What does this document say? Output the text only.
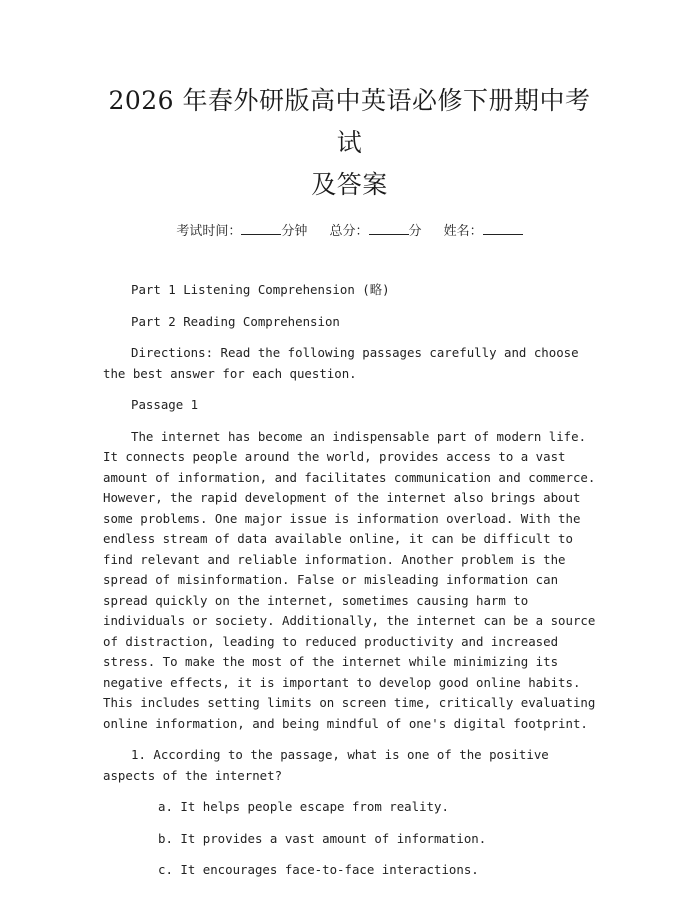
2026 年春外研版高中英语必修下册期中考试
及答案
考试时间：	分钟 总分：	分 姓名：

Part 1 Listening Comprehension (略)

Part 2 Reading Comprehension

Directions: Read the following passages carefully and choose the best answer for each question.

Passage 1

The internet has become an indispensable part of modern life. It connects people around the world, provides access to a vast amount of information, and facilitates communication and commerce. However, the rapid development of the internet also brings about some problems. One major issue is information overload. With the endless stream of data available online, it can be difficult to find relevant and reliable information. Another problem is the spread of misinformation. False or misleading information can spread quickly on the internet, sometimes causing harm to individuals or society. Additionally, the internet can be a source of distraction, leading to reduced productivity and increased stress. To make the most of the internet while minimizing its negative effects, it is important to develop good online habits. This includes setting limits on screen time, critically evaluating online information, and being mindful of one's digital footprint.

1. According to the passage, what is one of the positive aspects of the internet?

a. It helps people escape from reality.

b. It provides a vast amount of information.

c. It encourages face-to-face interactions.
